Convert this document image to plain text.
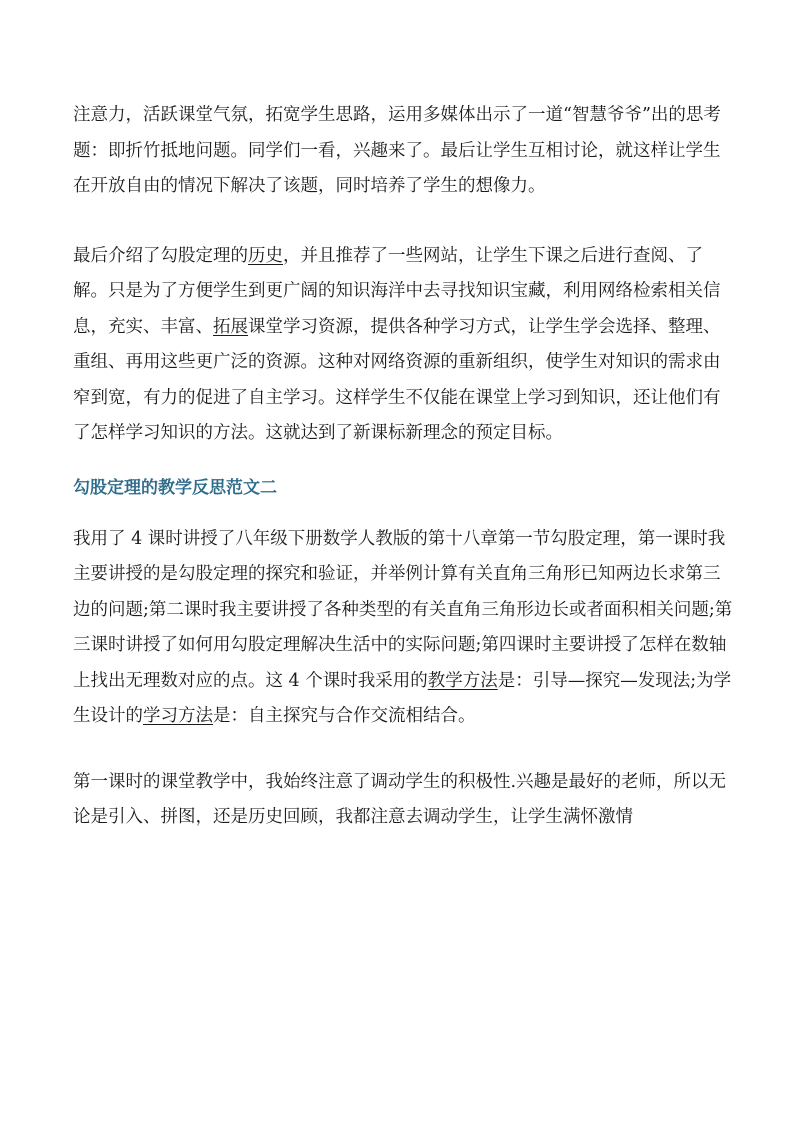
注意力，活跃课堂气氛，拓宽学生思路，运用多媒体出示了一道“智慧爷爷”出的思考题：即折竹抵地问题。同学们一看，兴趣来了。最后让学生互相讨论，就这样让学生在开放自由的情况下解决了该题，同时培养了学生的想像力。

最后介绍了勾股定理的历史，并且推荐了一些网站，让学生下课之后进行查阅、了解。只是为了方便学生到更广阔的知识海洋中去寻找知识宝藏，利用网络检索相关信息，充实、丰富、拓展课堂学习资源，提供各种学习方式，让学生学会选择、整理、重组、再用这些更广泛的资源。这种对网络资源的重新组织，使学生对知识的需求由窄到宽，有力的促进了自主学习。这样学生不仅能在课堂上学习到知识，还让他们有了怎样学习知识的方法。这就达到了新课标新理念的预定目标。

勾股定理的教学反思范文二

我用了 4 课时讲授了八年级下册数学人教版的第十八章第一节勾股定理，第一课时我主要讲授的是勾股定理的探究和验证，并举例计算有关直角三角形已知两边长求第三边的问题;第二课时我主要讲授了各种类型的有关直角三角形边长或者面积相关问题;第三课时讲授了如何用勾股定理解决生活中的实际问题;第四课时主要讲授了怎样在数轴上找出无理数对应的点。这 4 个课时我采用的教学方法是：引导—探究—发现法;为学生设计的学习方法是：自主探究与合作交流相结合。

第一课时的课堂教学中，我始终注意了调动学生的积极性.兴趣是最好的老师，所以无论是引入、拼图，还是历史回顾，我都注意去调动学生，让学生满怀激情
